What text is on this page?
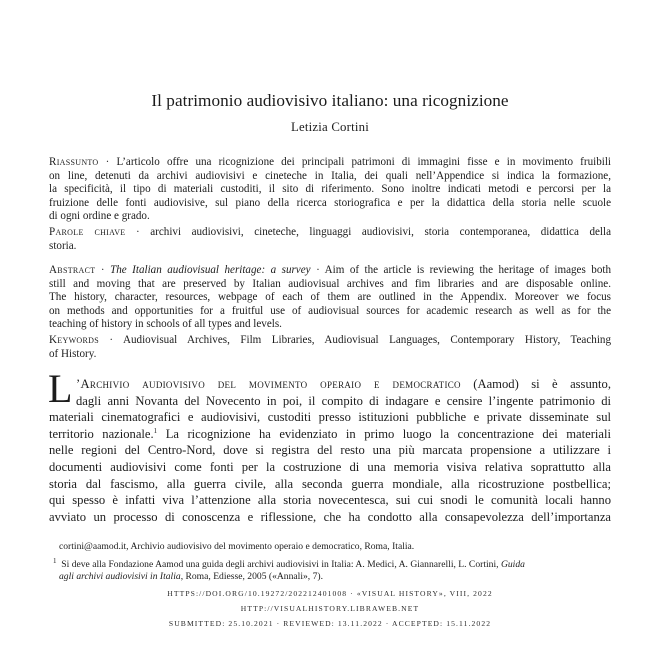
Il patrimonio audiovisivo italiano: una ricognizione
Letizia Cortini
Riassunto · L’articolo offre una ricognizione dei principali patrimoni di immagini fisse e in movimento fruibili
on line, detenuti da archivi audiovisivi e cineteche in Italia, dei quali nell’Appendice si indica la formazione,
la specificità, il tipo di materiali custoditi, il sito di riferimento. Sono inoltre indicati metodi e percorsi per la
fruizione delle fonti audiovisive, sul piano della ricerca storiografica e per la didattica della storia nelle scuole
di ogni ordine e grado.
Parole chiave · archivi audiovisivi, cineteche, linguaggi audiovisivi, storia contemporanea, didattica della
storia.
Abstract · The Italian audiovisual heritage: a survey · Aim of the article is reviewing the heritage of images both
still and moving that are preserved by Italian audiovisual archives and fim libraries and are disposable online.
The history, character, resources, webpage of each of them are outlined in the Appendix. Moreover we focus
on methods and opportunities for a fruitful use of audiovisual sources for academic research as well as for the
teaching of history in schools of all types and levels.
Keywords · Audiovisual Archives, Film Libraries, Audiovisual Languages, Contemporary History, Teaching
of History.
L ’Archivio audiovisivo del movimento operaio e democratico (Aamod) si è assunto,
dagli anni Novanta del Novecento in poi, il compito di indagare e censire l’ingente patrimonio di
materiali cinematografici e audiovisivi, custoditi presso istituzioni pubbliche e private disseminate sul
territorio nazionale.$^1$ La ricognizione ha evidenziato in primo luogo la concentrazione dei materiali
nelle regioni del Centro-Nord, dove si registra del resto una più marcata propensione a utilizzare i
documenti audiovisivi come fonti per la costruzione di una memoria visiva relativa soprattutto alla
storia dal fascismo, alla guerra civile, alla seconda guerra mondiale, alla ricostruzione postbellica;
qui spesso è infatti viva l’attenzione alla storia novecentesca, sui cui snodi le comunità locali hanno
avviato un processo di conoscenza e riflessione, che ha condotto alla consapevolezza dell’importanza
cortini@aamod.it, Archivio audiovisivo del movimento operaio e democratico, Roma, Italia.
$^1$ Si deve alla Fondazione Aamod una guida degli archivi audiovisivi in Italia: A. Medici, A. Giannarelli, L. Cortini, Guida
agli archivi audiovisivi in Italia, Roma, Ediesse, 2005 («Annali», 7).
HTTPS://DOI.ORG/10.19272/202212401008 · «VISUAL HISTORY», VIII, 2022
HTTP://VISUALHISTORY.LIBRAWEB.NET
SUBMITTED: 25.10.2021 · REVIEWED: 13.11.2022 · ACCEPTED: 15.11.2022
